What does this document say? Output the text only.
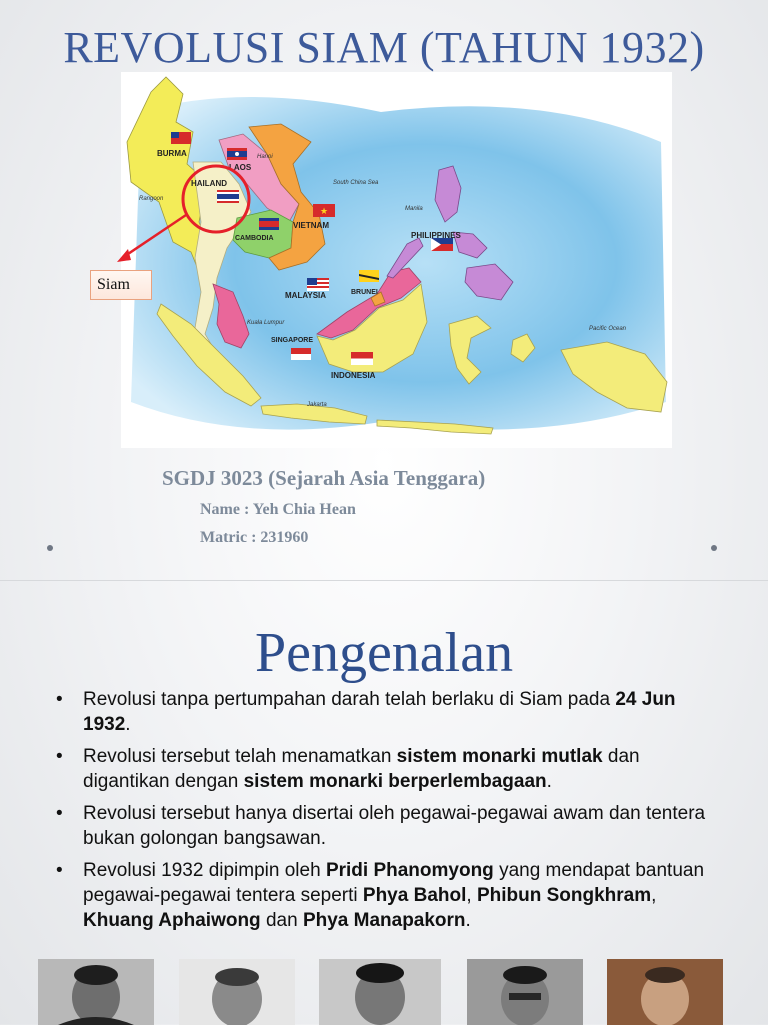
REVOLUSI SIAM (TAHUN 1932)
★
BURMA
LAOS
Hanoi
HAILAND
Rangoon
CAMBODIA
VIETNAM
South China Sea
Manila
PHILIPPINES
MALAYSIA	BRUNEI
Kuala Lumpur
SINGAPORE
INDONESIA
Jakarta
Pacific Ocean
Siam
SGDJ 3023 (Sejarah Asia Tenggara)
Name : Yeh Chia Hean
Matric : 231960
Pengenalan
• Revolusi tanpa pertumpahan darah telah berlaku di Siam pada 24 Jun 1932.
• Revolusi tersebut telah menamatkan sistem monarki mutlak dan digantikan dengan sistem monarki berperlembagaan.
• Revolusi tersebut hanya disertai oleh pegawai-pegawai awam dan tentera bukan golongan bangsawan.
• Revolusi 1932 dipimpin oleh Pridi Phanomyong yang mendapat bantuan pegawai-pegawai tentera seperti Phya Bahol, Phibun Songkhram, Khuang Aphaiwong dan Phya Manapakorn.
